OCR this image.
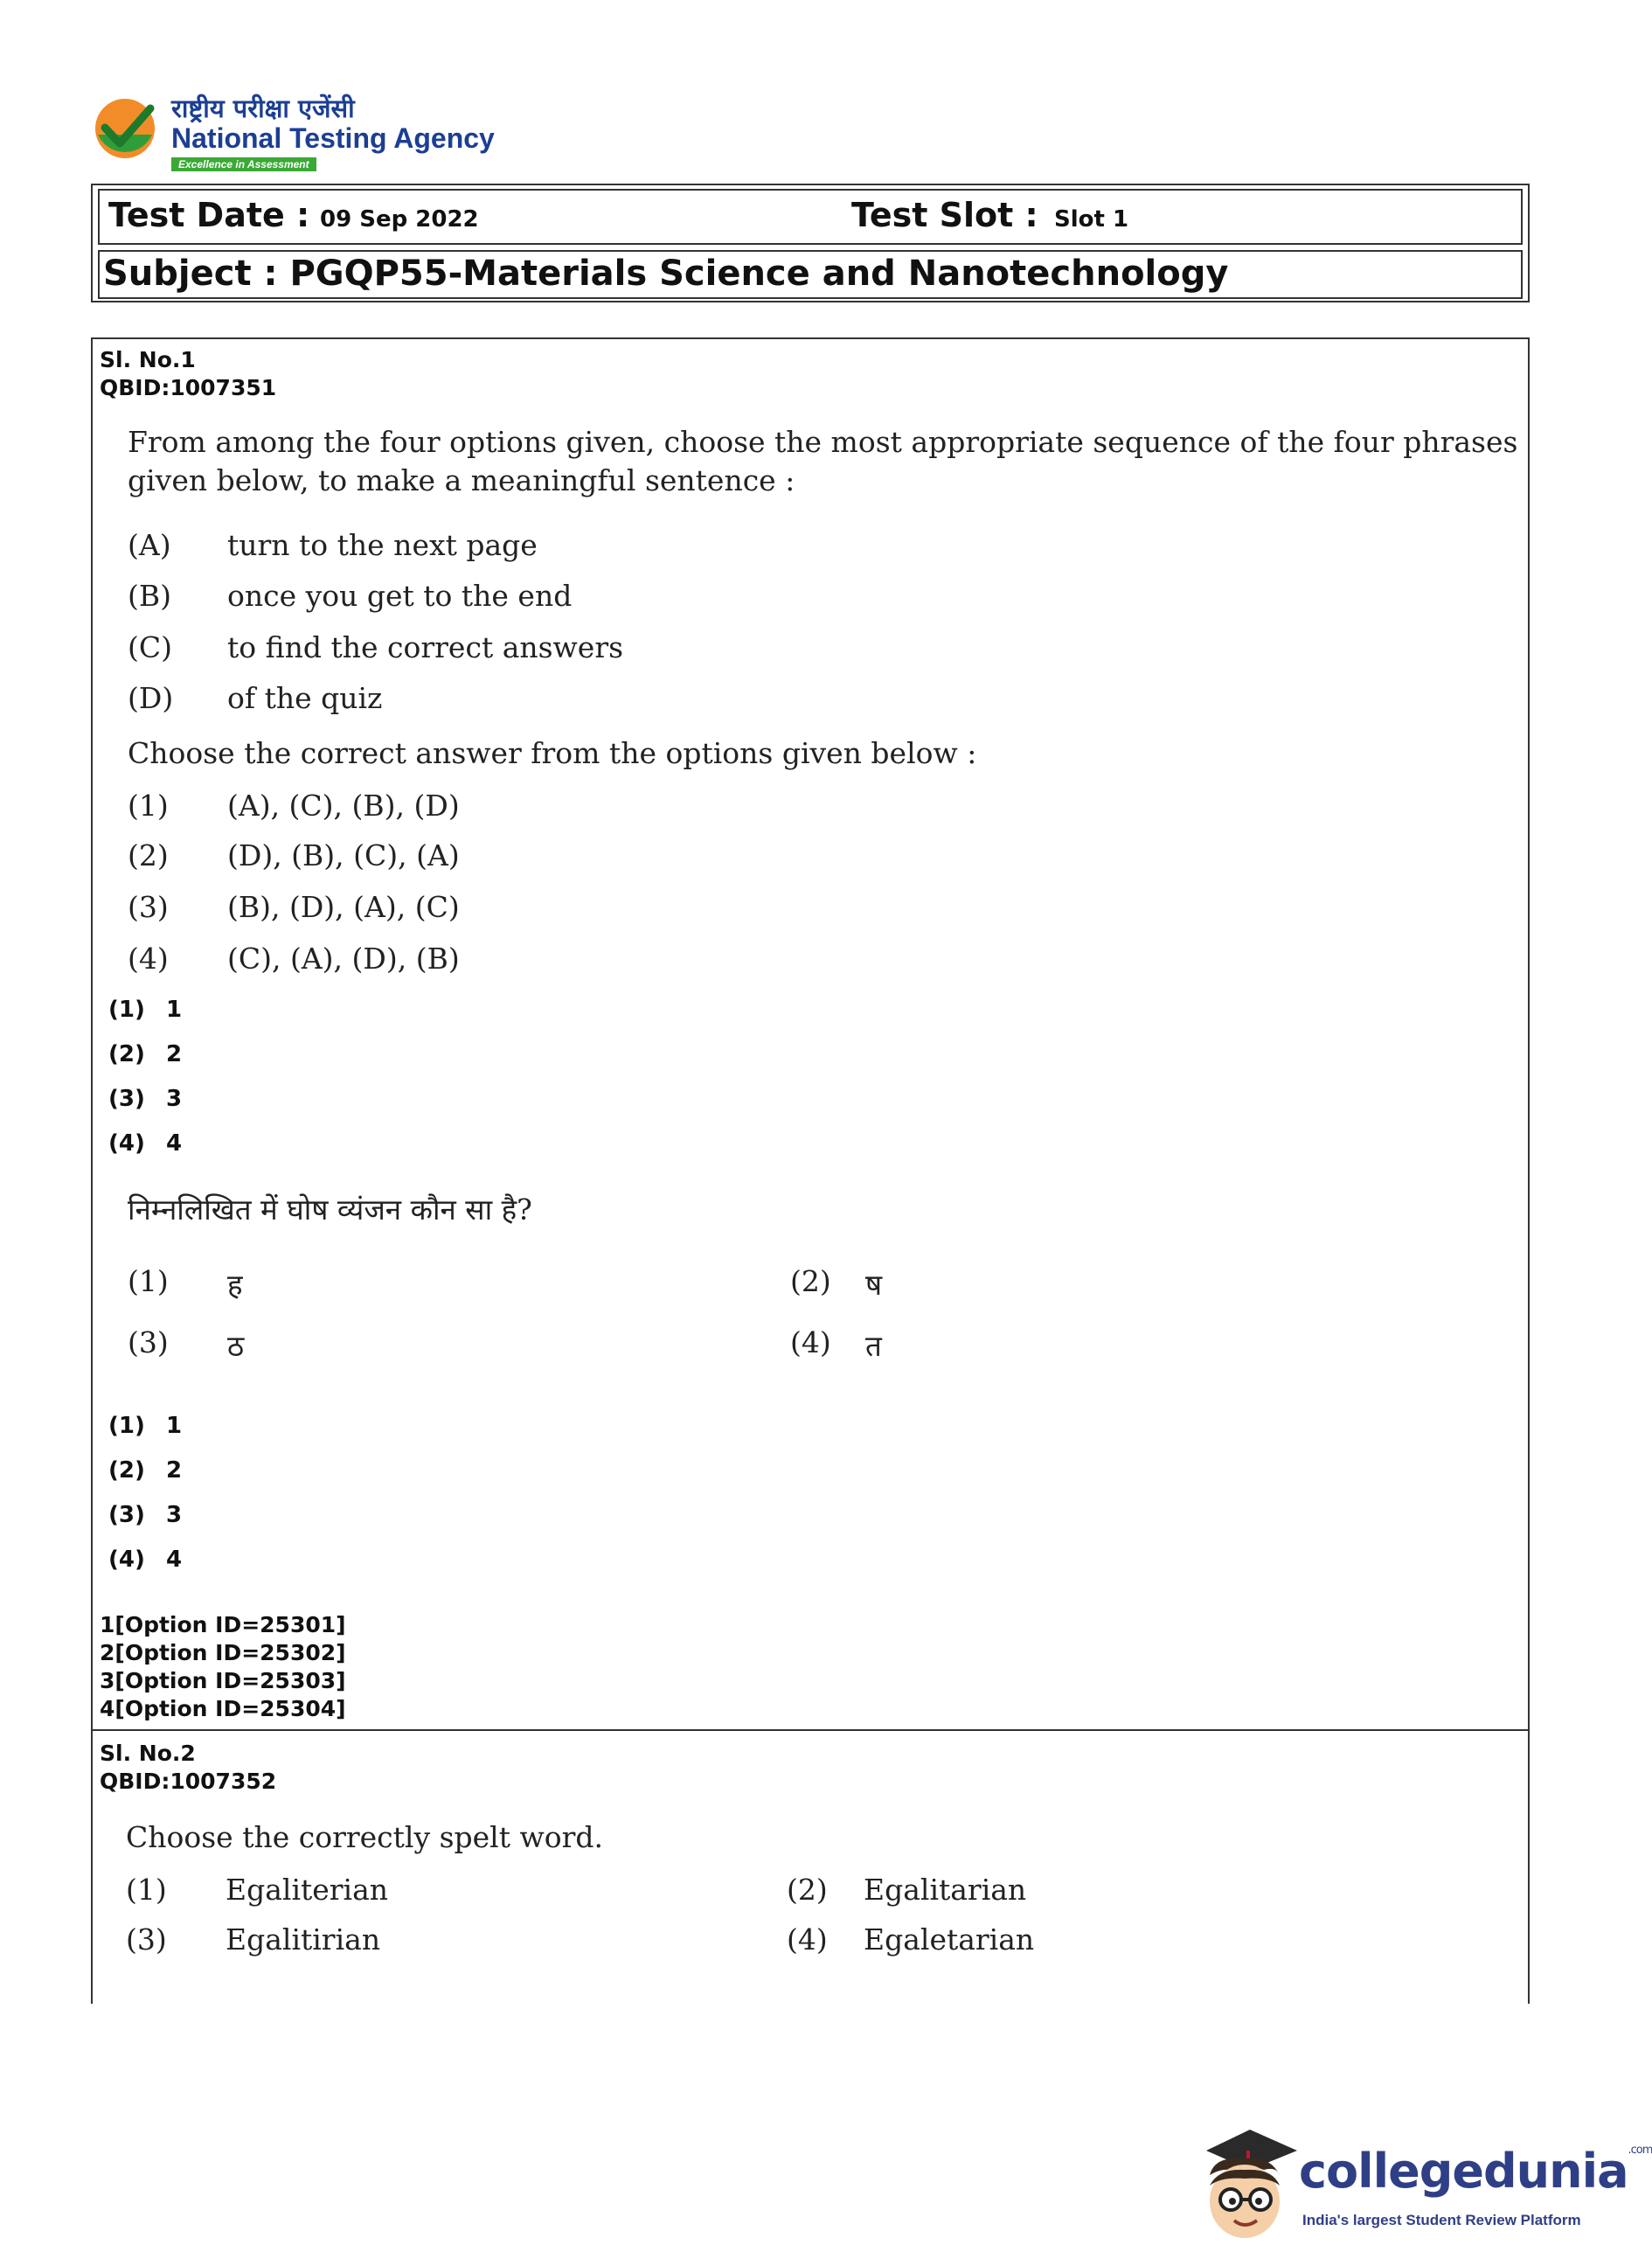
राष्ट्रीय परीक्षा एजेंसी
National Testing Agency
Excellence in Assessment
Test Date : 09 Sep 2022	Test Slot : Slot 1
Subject : PGQP55-Materials Science and Nanotechnology
Sl. No.1
QBID:1007351
From among the four options given, choose the most appropriate sequence of the four phrases
given below, to make a meaningful sentence :
(A) turn to the next page
(B) once you get to the end
(C) to find the correct answers
(D) of the quiz
Choose the correct answer from the options given below :
(1) (A), (C), (B), (D)
(2) (D), (B), (C), (A)
(3) (B), (D), (A), (C)
(4) (C), (A), (D), (B)
(1) 1
(2) 2
(3) 3
(4) 4
निम्नलिखित में घोष व्यंजन कौन सा है?
(1) ह	(2) ष
(3) ठ	(4) त
(1) 1
(2) 2
(3) 3
(4) 4
1[Option ID=25301]
2[Option ID=25302]
3[Option ID=25303]
4[Option ID=25304]
Sl. No.2
QBID:1007352
Choose the correctly spelt word.
(1) Egaliterian	(2) Egalitarian
(3) Egalitirian	(4) Egaletarian
collegedunia$^{.com}$
India's largest Student Review Platform
